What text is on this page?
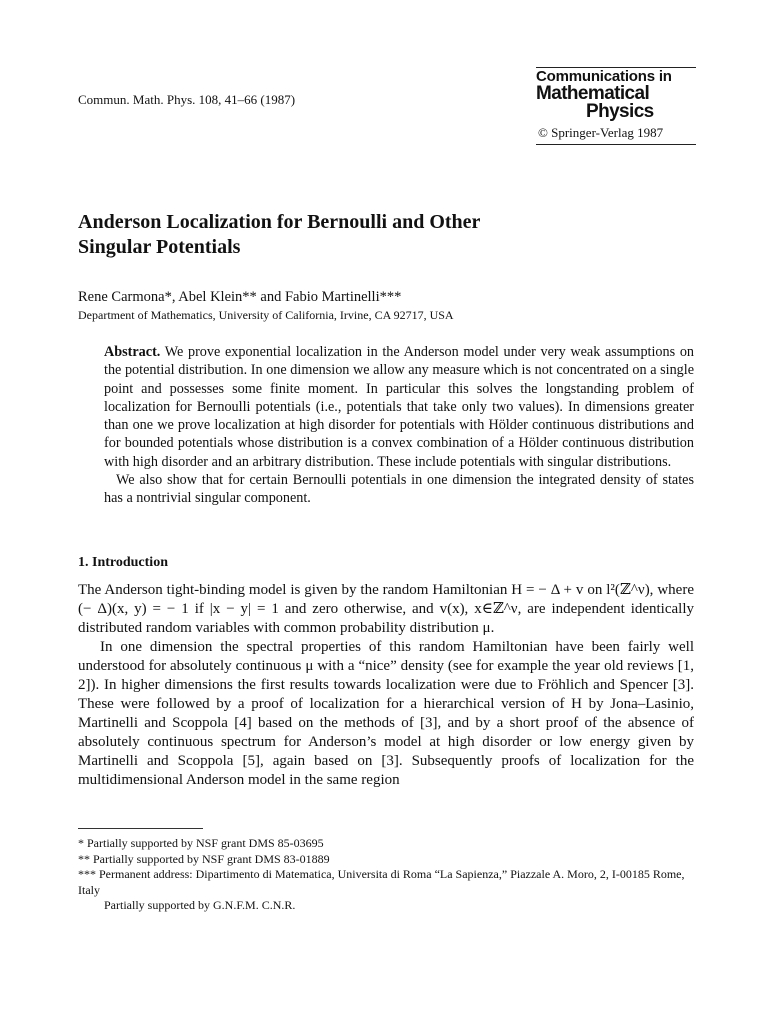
Commun. Math. Phys. 108, 41–66 (1987)
Communications in
Mathematical
Physics
© Springer-Verlag 1987
Anderson Localization for Bernoulli and Other
Singular Potentials
Rene Carmona*, Abel Klein** and Fabio Martinelli***
Department of Mathematics, University of California, Irvine, CA 92717, USA

Abstract. We prove exponential localization in the Anderson model under very weak assumptions on the potential distribution. In one dimension we allow any measure which is not concentrated on a single point and possesses some finite moment. In particular this solves the longstanding problem of localization for Bernoulli potentials (i.e., potentials that take only two values). In dimensions greater than one we prove localization at high disorder for potentials with Hölder continuous distributions and for bounded potentials whose distribution is a convex combination of a Hölder continuous distribution with high disorder and an arbitrary distribution. These include potentials with singular distributions.

We also show that for certain Bernoulli potentials in one dimension the integrated density of states has a nontrivial singular component.

1. Introduction

The Anderson tight-binding model is given by the random Hamiltonian H = − Δ + v on l²(ℤ^ν), where (− Δ)(x, y) = − 1 if |x − y| = 1 and zero otherwise, and v(x), x∈ℤ^ν, are independent identically distributed random variables with common probability distribution μ.

In one dimension the spectral properties of this random Hamiltonian have been fairly well understood for absolutely continuous μ with a “nice” density (see for example the year old reviews [1, 2]). In higher dimensions the first results towards localization were due to Fröhlich and Spencer [3]. These were followed by a proof of localization for a hierarchical version of H by Jona–Lasinio, Martinelli and Scoppola [4] based on the methods of [3], and by a short proof of the absence of absolutely continuous spectrum for Anderson’s model at high disorder or low energy given by Martinelli and Scoppola [5], again based on [3]. Subsequently proofs of localization for the multidimensional Anderson model in the same region

* Partially supported by NSF grant DMS 85-03695
** Partially supported by NSF grant DMS 83-01889
*** Permanent address: Dipartimento di Matematica, Universita di Roma “La Sapienza,” Piazzale A. Moro, 2, I-00185 Rome, Italy
Partially supported by G.N.F.M. C.N.R.
